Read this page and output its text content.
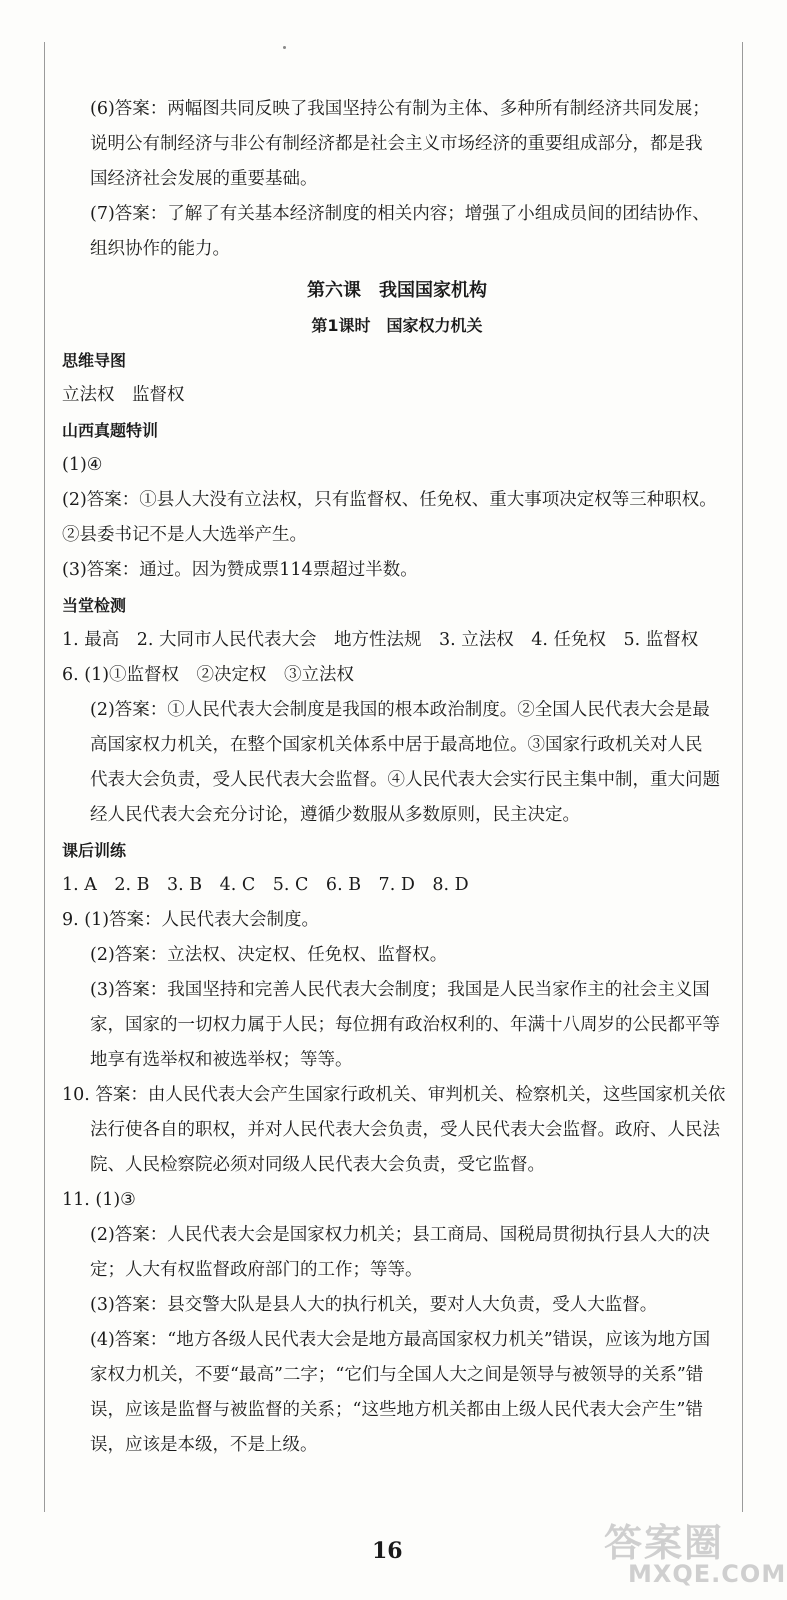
(6)答案：两幅图共同反映了我国坚持公有制为主体、多种所有制经济共同发展；
说明公有制经济与非公有制经济都是社会主义市场经济的重要组成部分，都是我
国经济社会发展的重要基础。
(7)答案：了解了有关基本经济制度的相关内容；增强了小组成员间的团结协作、
组织协作的能力。
第六课　我国国家机构
第1课时　国家权力机关
思维导图
立法权　监督权
山西真题特训
(1)④
(2)答案：①县人大没有立法权，只有监督权、任免权、重大事项决定权等三种职权。
②县委书记不是人大选举产生。
(3)答案：通过。因为赞成票114票超过半数。
当堂检测
1. 最高　2. 大同市人民代表大会　地方性法规　3. 立法权　4. 任免权　5. 监督权
6. (1)①监督权　②决定权　③立法权
(2)答案：①人民代表大会制度是我国的根本政治制度。②全国人民代表大会是最
高国家权力机关，在整个国家机关体系中居于最高地位。③国家行政机关对人民
代表大会负责，受人民代表大会监督。④人民代表大会实行民主集中制，重大问题
经人民代表大会充分讨论，遵循少数服从多数原则，民主决定。
课后训练
1. A　2. B　3. B　4. C　5. C　6. B　7. D　8. D
9. (1)答案：人民代表大会制度。
(2)答案：立法权、决定权、任免权、监督权。
(3)答案：我国坚持和完善人民代表大会制度；我国是人民当家作主的社会主义国
家，国家的一切权力属于人民；每位拥有政治权利的、年满十八周岁的公民都平等
地享有选举权和被选举权；等等。
10. 答案：由人民代表大会产生国家行政机关、审判机关、检察机关，这些国家机关依
法行使各自的职权，并对人民代表大会负责，受人民代表大会监督。政府、人民法
院、人民检察院必须对同级人民代表大会负责，受它监督。
11. (1)③
(2)答案：人民代表大会是国家权力机关；县工商局、国税局贯彻执行县人大的决
定；人大有权监督政府部门的工作；等等。
(3)答案：县交警大队是县人大的执行机关，要对人大负责，受人大监督。
(4)答案：“地方各级人民代表大会是地方最高国家权力机关”错误，应该为地方国
家权力机关，不要“最高”二字；“它们与全国人大之间是领导与被领导的关系”错
误，应该是监督与被监督的关系；“这些地方机关都由上级人民代表大会产生”错
误，应该是本级，不是上级。
16	答案圈
MXQE.COM
